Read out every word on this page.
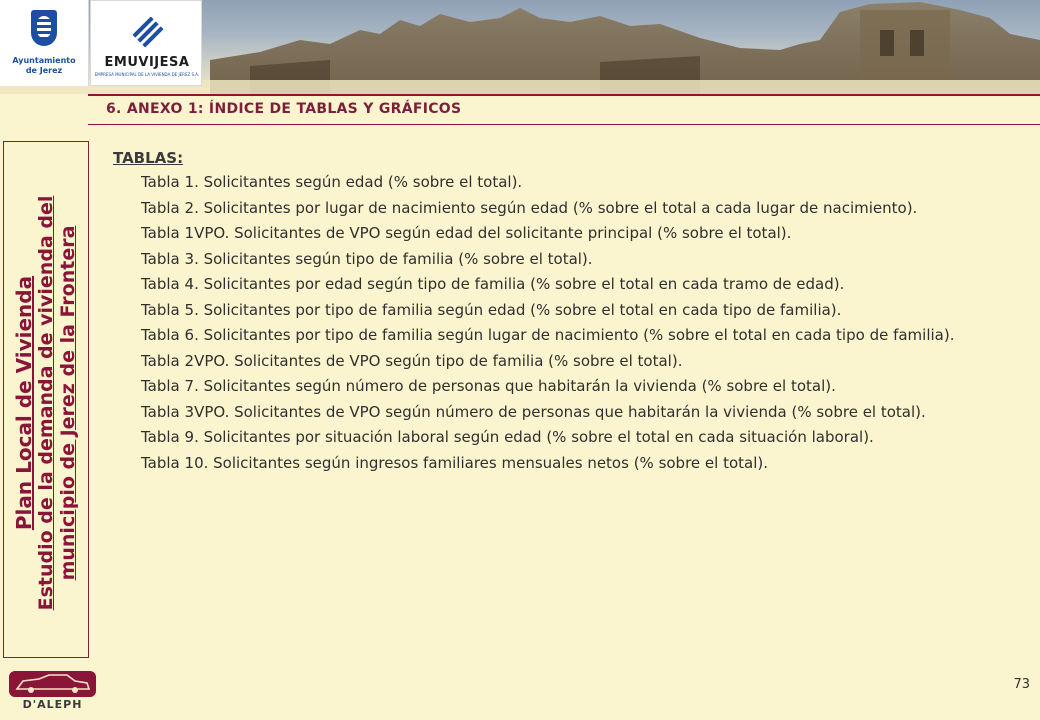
Ayuntamiento
de Jerez
EMUVIJESA
EMPRESA MUNICIPAL DE LA VIVIENDA DE JEREZ S.A.
6. ANEXO 1: ÍNDICE DE TABLAS Y GRÁFICOS
Plan Local de Vivienda Estudio de la demanda de vivienda del municipio de Jerez de la Frontera

TABLAS:

Tabla 1. Solicitantes según edad (% sobre el total).

Tabla 2. Solicitantes por lugar de nacimiento según edad (% sobre el total a cada lugar de nacimiento).

Tabla 1VPO. Solicitantes de VPO según edad del solicitante principal (% sobre el total).

Tabla 3. Solicitantes según tipo de familia (% sobre el total).

Tabla 4. Solicitantes por edad según tipo de familia (% sobre el total en cada tramo de edad).

Tabla 5. Solicitantes por tipo de familia según edad (% sobre el total en cada tipo de familia).

Tabla 6. Solicitantes por tipo de familia según lugar de nacimiento (% sobre el total en cada tipo de familia).

Tabla 2VPO. Solicitantes de VPO según tipo de familia (% sobre el total).

Tabla 7. Solicitantes según número de personas que habitarán la vivienda (% sobre el total).

Tabla 3VPO. Solicitantes de VPO según número de personas que habitarán la vivienda (% sobre el total).

Tabla 9. Solicitantes por situación laboral según edad (% sobre el total en cada situación laboral).

Tabla 10. Solicitantes según ingresos familiares mensuales netos (% sobre el total).

D'ALEPH
73
